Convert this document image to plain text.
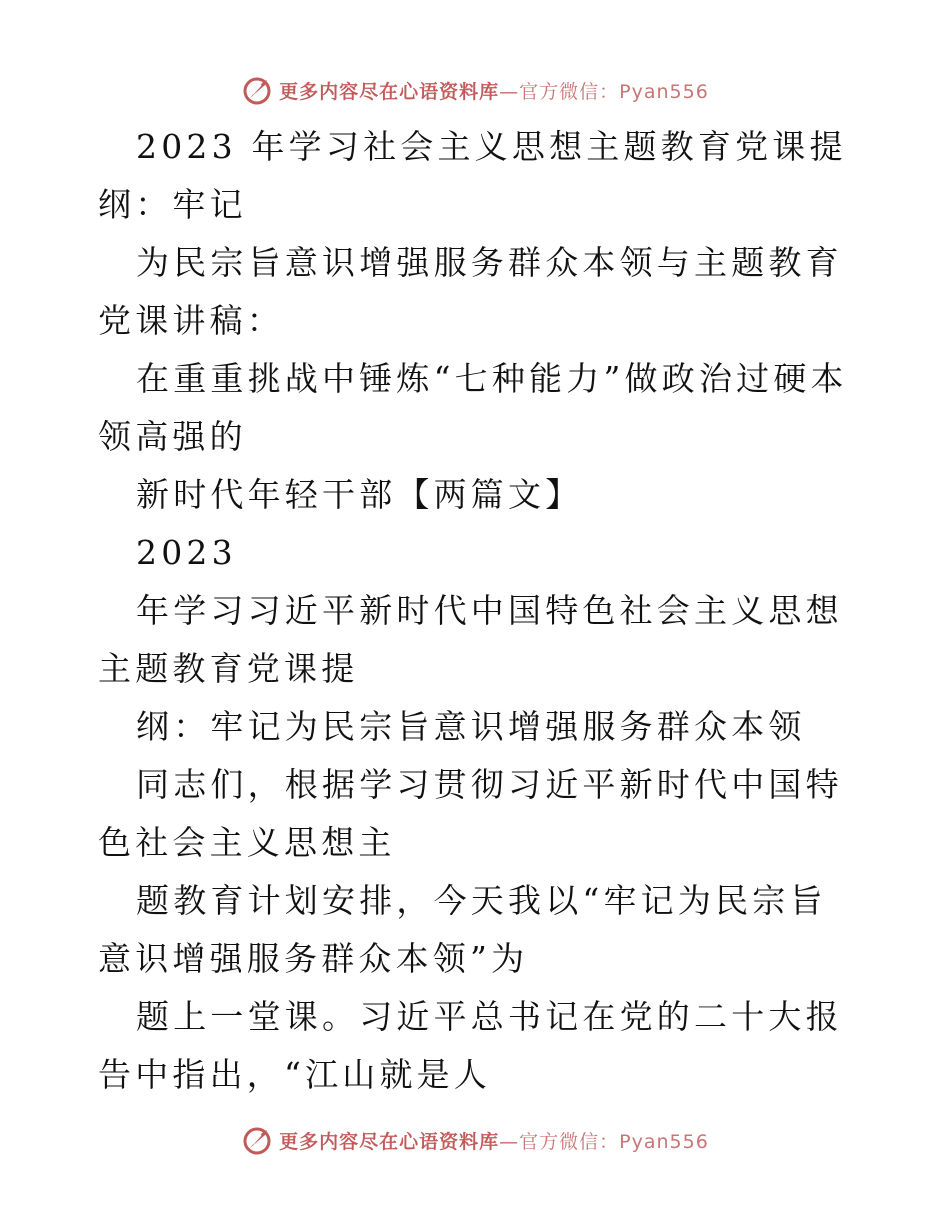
更多内容尽在心语资料库—官方微信：Pyan556

2023 年学习社会主义思想主题教育党课提纲：牢记

为民宗旨意识增强服务群众本领与主题教育党课讲稿：

在重重挑战中锤炼“七种能力”做政治过硬本领高强的

新时代年轻干部【两篇文】

2023

年学习习近平新时代中国特色社会主义思想主题教育党课提

纲：牢记为民宗旨意识增强服务群众本领

同志们，根据学习贯彻习近平新时代中国特色社会主义思想主

题教育计划安排，今天我以“牢记为民宗旨意识增强服务群众本领”为

题上一堂课。习近平总书记在党的二十大报告中指出，“江山就是人

更多内容尽在心语资料库—官方微信：Pyan556
